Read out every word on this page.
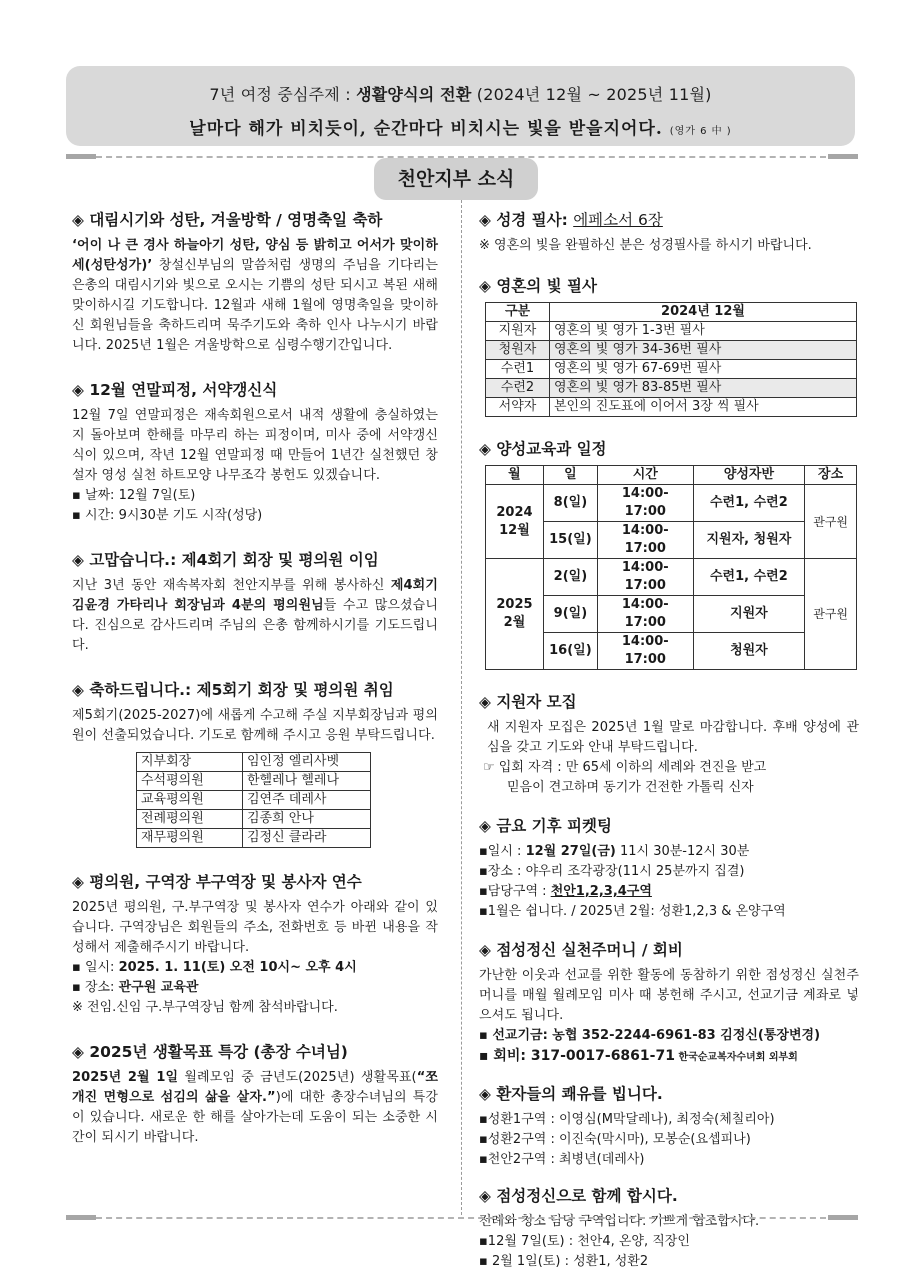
7년 여정 중심주제 : 생활양식의 전환 (2024년 12월 ~ 2025년 11월)
날마다 해가 비치듯이, 순간마다 비치시는 빛을 받을지어다. (영가 6 中 )
천안지부 소식
◈ 대림시기와 성탄, 겨울방학 / 영명축일 축하
‘어이 나 큰 경사 하늘아기 성탄, 양심 등 밝히고 어서가 맞이하세(성탄성가)’ 창설신부님의 말씀처럼 생명의 주님을 기다리는 은총의 대림시기와 빛으로 오시는 기쁨의 성탄 되시고 복된 새해 맞이하시길 기도합니다. 12월과 새해 1월에 영명축일을 맞이하신 회원님들을 축하드리며 묵주기도와 축하 인사 나누시기 바랍니다. 2025년 1월은 겨울방학으로 심령수행기간입니다.
◈ 12월 연말피정, 서약갱신식
12월 7일 연말피정은 재속회원으로서 내적 생활에 충실하였는지 돌아보며 한해를 마무리 하는 피정이며, 미사 중에 서약갱신식이 있으며, 작년 12월 연말피정 때 만들어 1년간 실천했던 창설자 영성 실천 하트모양 나무조각 봉헌도 있겠습니다.
▪ 날짜: 12월 7일(토)
▪ 시간: 9시30분 기도 시작(성당)
◈ 고맙습니다.: 제4회기 회장 및 평의원 이임
지난 3년 동안 재속복자회 천안지부를 위해 봉사하신 제4회기 김윤경 가타리나 회장님과 4분의 평의원님들 수고 많으셨습니다. 진심으로 감사드리며 주님의 은총 함께하시기를 기도드립니다.
◈ 축하드립니다.: 제5회기 회장 및 평의원 취임
제5회기(2025-2027)에 새롭게 수고해 주실 지부회장님과 평의원이 선출되었습니다. 기도로 함께해 주시고 응원 부탁드립니다.
지부회장	임인정 엘리사벳
수석평의원	한헬레나 헬레나
교육평의원	김연주 데레사
전례평의원	김종희 안나
재무평의원	김정신 클라라
◈ 평의원, 구역장 부구역장 및 봉사자 연수
2025년 평의원, 구.부구역장 및 봉사자 연수가 아래와 같이 있습니다. 구역장님은 회원들의 주소, 전화번호 등 바뀐 내용을 작성해서 제출해주시기 바랍니다.
▪ 일시: 2025. 1. 11(토) 오전 10시~ 오후 4시
▪ 장소: 관구원 교육관
※ 전임.신임 구.부구역장님 함께 참석바랍니다.
◈ 2025년 생활목표 특강 (총장 수녀님)
2025년 2월 1일 월례모임 중 금년도(2025년) 생활목표(“쪼개진 면형으로 섬김의 삶을 살자.”)에 대한 총장수녀님의 특강이 있습니다. 새로운 한 해를 살아가는데 도움이 되는 소중한 시간이 되시기 바랍니다.
◈ 성경 필사: 에페소서 6장
※ 영혼의 빛을 완필하신 분은 성경필사를 하시기 바랍니다.
◈ 영혼의 빛 필사
구분	2024년 12월
지원자	영혼의 빛 영가 1-3번 필사
청원자	영혼의 빛 영가 34-36번 필사
수련1	영혼의 빛 영가 67-69번 필사
수련2	영혼의 빛 영가 83-85번 필사
서약자	본인의 진도표에 이어서 3장 씩 필사
◈ 양성교육과 일정
월	일	시간	양성자반	장소

2024
12월	8(일)	14:00-17:00	수련1, 수련2	관구원
	15(일)	14:00-17:00	지원자, 청원자	

2025
2월	2(일)	14:00-17:00	수련1, 수련2	관구원
	9(일)	14:00-17:00	지원자	
	16(일)	14:00-17:00	청원자	
◈ 지원자 모집
새 지원자 모집은 2025년 1월 말로 마감합니다. 후배 양성에 관심을 갖고 기도와 안내 부탁드립니다.
☞ 입회 자격 : 만 65세 이하의 세례와 견진을 받고
믿음이 견고하며 동기가 건전한 가톨릭 신자
◈ 금요 기후 피켓팅
▪일시 : 12월 27일(금) 11시 30분-12시 30분
▪장소 : 야우리 조각광장(11시 25분까지 집결)
▪담당구역 : 천안1,2,3,4구역
▪1월은 쉽니다. / 2025년 2월: 성환1,2,3 & 온양구역
◈ 점성정신 실천주머니 / 회비
가난한 이웃과 선교를 위한 활동에 동참하기 위한 점성정신 실천주머니를 매월 월례모임 미사 때 봉헌해 주시고, 선교기금 계좌로 넣으셔도 됩니다.
▪ 선교기금: 농협 352-2244-6961-83 김정신(통장변경)
▪ 회비: 317-0017-6861-71 한국순교복자수녀회 외부회
◈ 환자들의 쾌유를 빕니다.
▪성환1구역 : 이영심(M막달레나), 최정숙(체칠리아)
▪성환2구역 : 이진숙(막시마), 모봉순(요셉피나)
▪천안2구역 : 최병년(데레사)
◈ 점성정신으로 함께 합시다.
전례와 청소 담당 구역입니다. 기쁘게 협조합시다.
▪12월 7일(토) : 천안4, 온양, 직장인
▪ 2월 1일(토) : 성환1, 성환2
